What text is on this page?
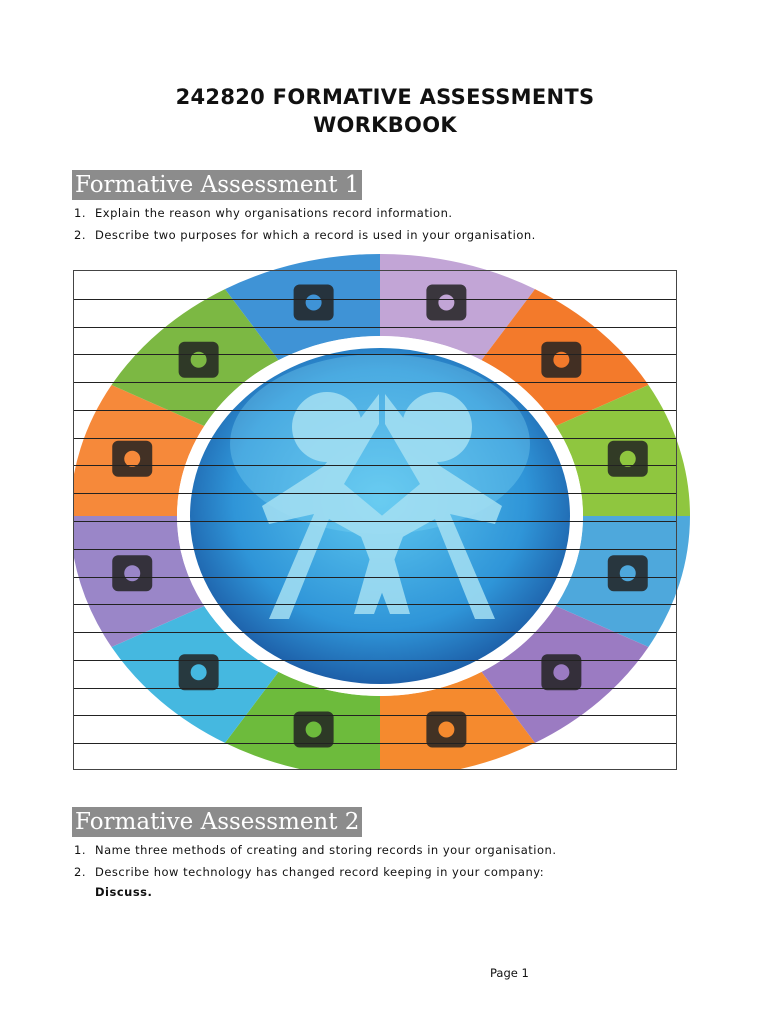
242820 FORMATIVE ASSESSMENTS
WORKBOOK
Formative Assessment 1
1. Explain the reason why organisations record information.
2. Describe two purposes for which a record is used in your organisation.
Formative Assessment 2
1. Name three methods of creating and storing records in your organisation.
2. Describe how technology has changed record keeping in your company:
Discuss.
Page 1
